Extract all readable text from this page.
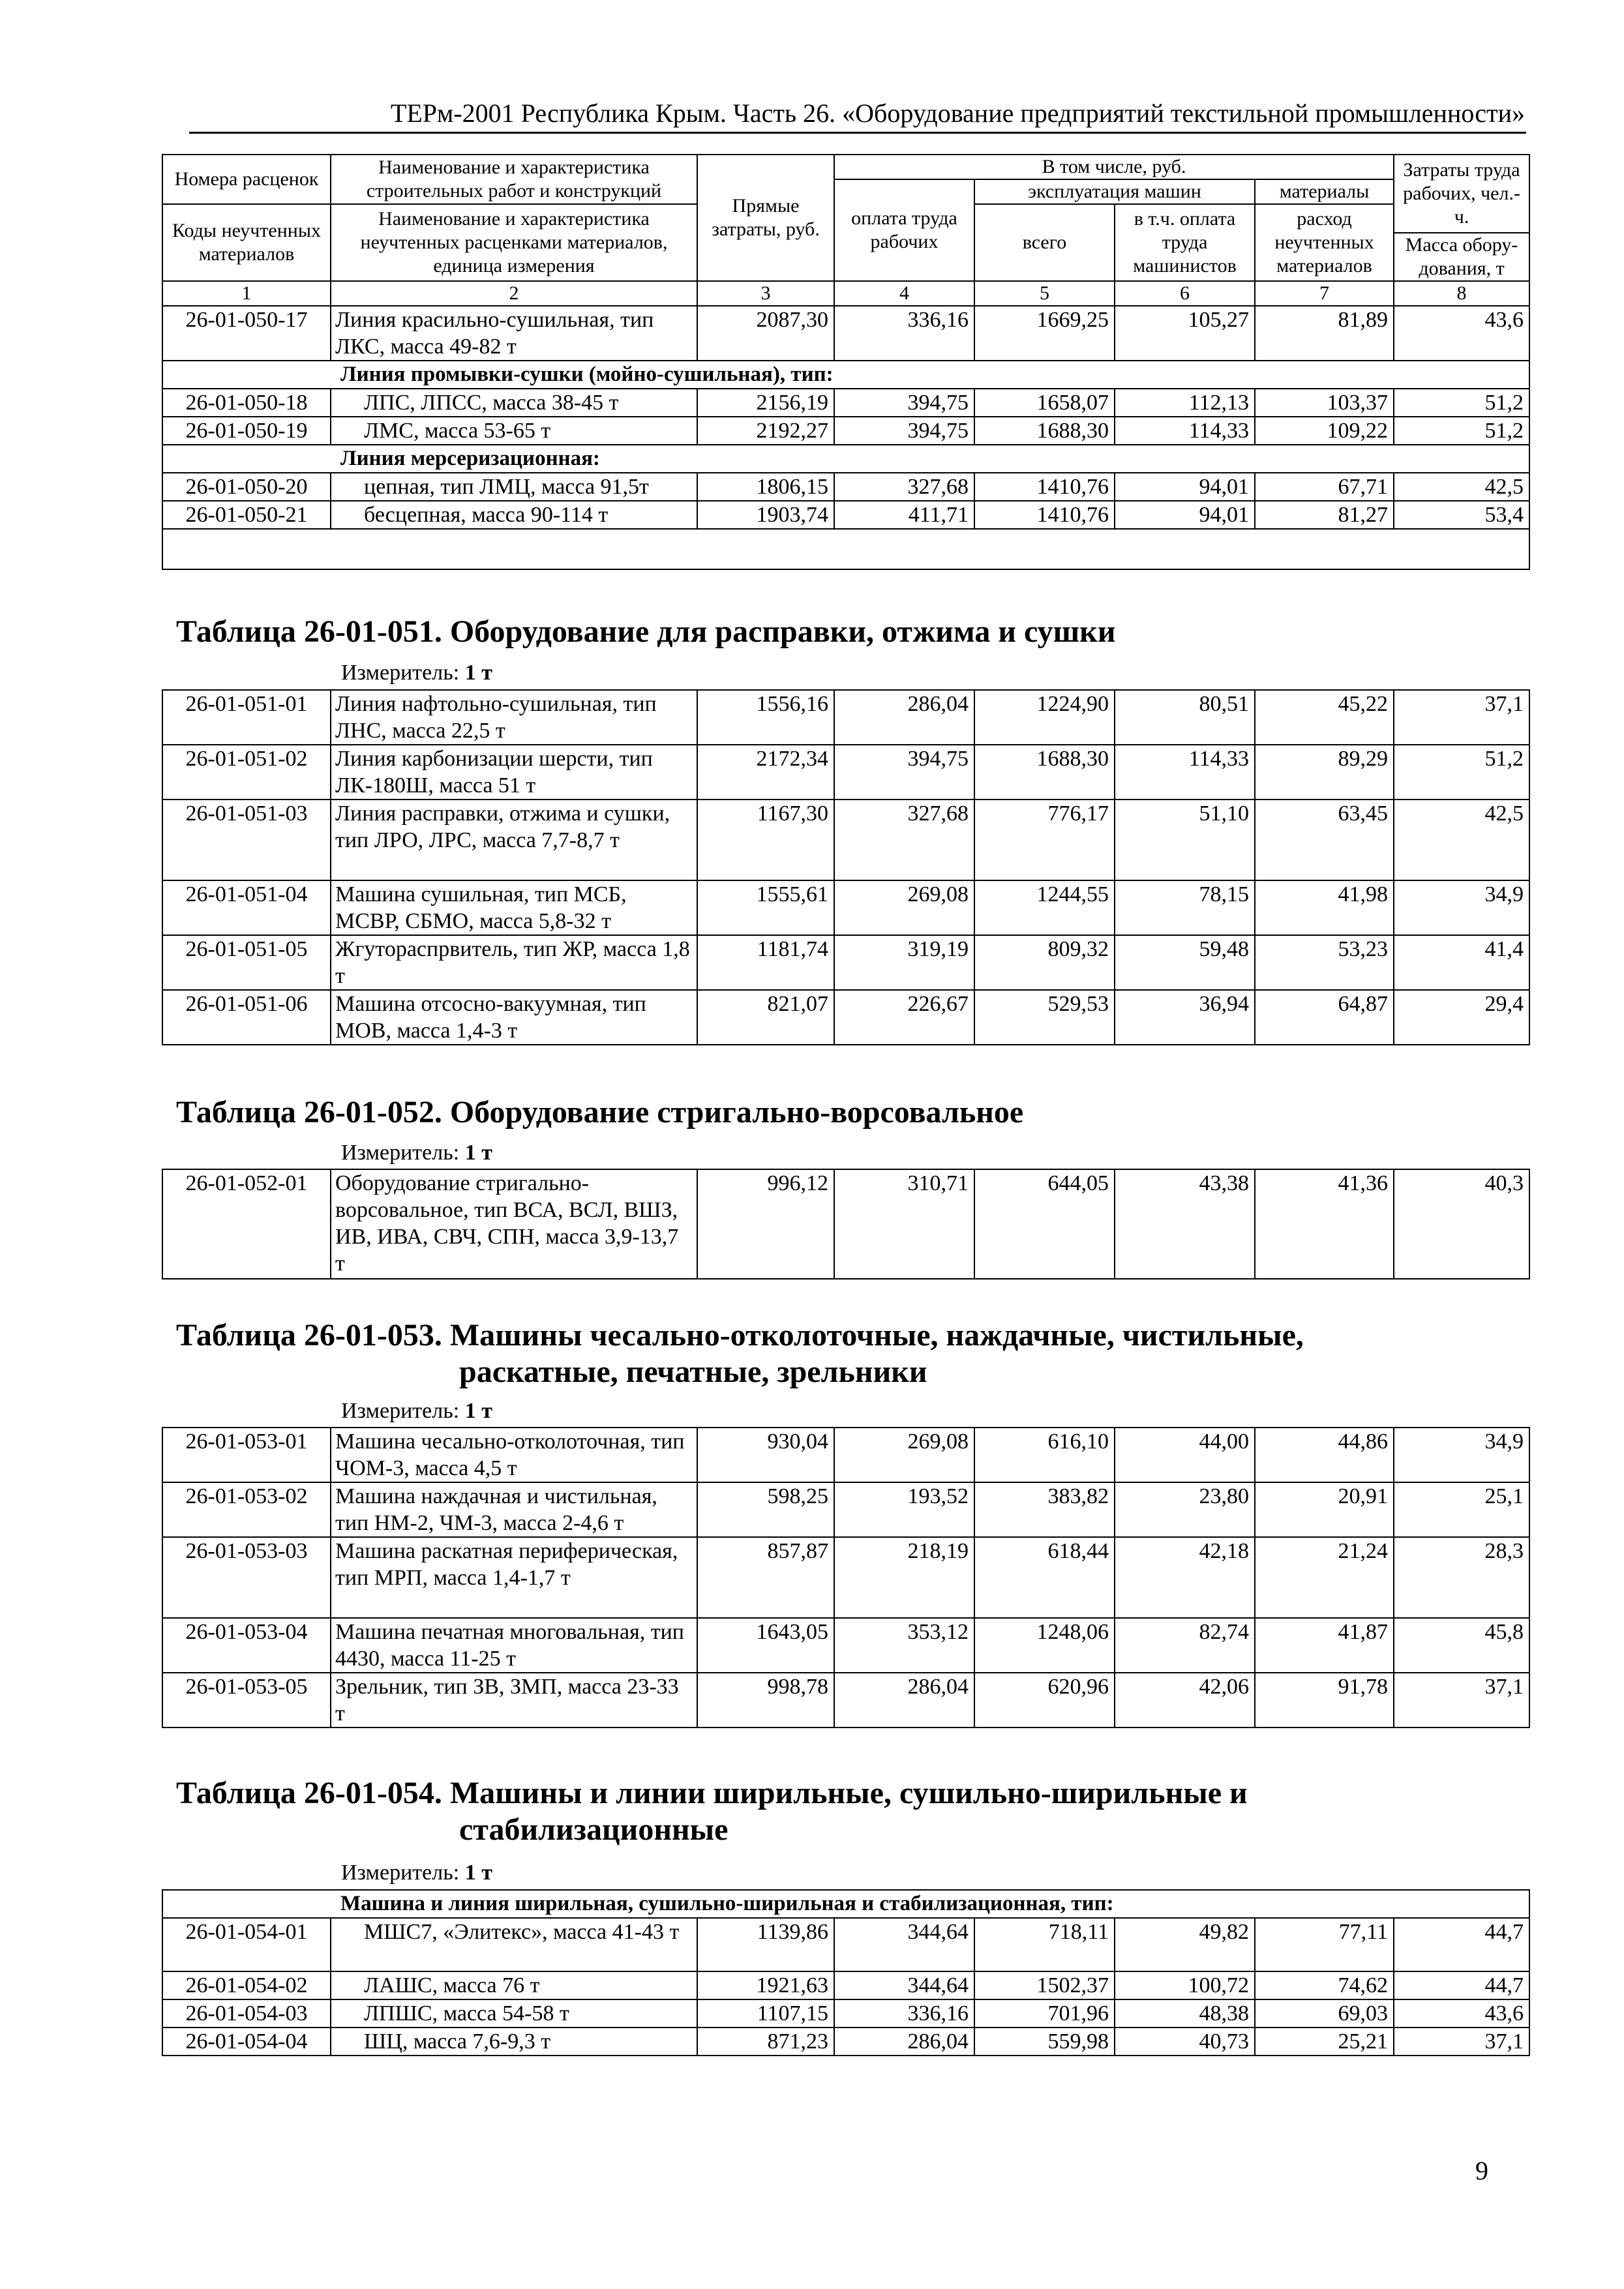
ТЕРм-2001 Республика Крым. Часть 26. «Оборудование предприятий текстильной промышленности»
Номера расценок	Наименование и характеристика строительных работ и конструкций	Прямые затраты, руб.	В том числе, руб.				Затраты труда рабочих, чел.-ч.
			оплата труда рабочих	эксплуатация машин		материалы	
Коды неучтенных материалов	Наименование и характеристика неучтенных расценками материалов, единица измерения			всего	в т.ч. оплата труда машинистов	расход неучтенных материалов	
							Масса обору-дования, т
1	2	3	4	5	6	7	8
26-01-050-17	Линия красильно-сушильная, тип ЛКС, масса 49-82 т	2087,30	336,16	1669,25	105,27	81,89	43,6
Линия промывки-сушки (мойно-сушильная), тип:							
26-01-050-18	ЛПС, ЛПСС, масса 38-45 т	2156,19	394,75	1658,07	112,13	103,37	51,2
26-01-050-19	ЛМС, масса 53-65 т	2192,27	394,75	1688,30	114,33	109,22	51,2
Линия мерсеризационная:							
26-01-050-20	цепная, тип ЛМЦ, масса 91,5т	1806,15	327,68	1410,76	94,01	67,71	42,5
26-01-050-21	бесцепная, масса 90-114 т	1903,74	411,71	1410,76	94,01	81,27	53,4

Таблица 26-01-051. Оборудование для расправки, отжима и сушки
Измеритель: 1 т
26-01-051-01	Линия нафтольно-сушильная, тип ЛНС, масса 22,5 т	1556,16	286,04	1224,90	80,51	45,22	37,1
26-01-051-02	Линия карбонизации шерсти, тип ЛК-180Ш, масса 51 т	2172,34	394,75	1688,30	114,33	89,29	51,2
26-01-051-03	Линия расправки, отжима и сушки, тип ЛРО, ЛРС, масса 7,7-8,7 т	1167,30	327,68	776,17	51,10	63,45	42,5
26-01-051-04	Машина сушильная, тип МСБ, МСВР, СБМО, масса 5,8-32 т	1555,61	269,08	1244,55	78,15	41,98	34,9
26-01-051-05	Жгутораспрвитель, тип ЖР, масса 1,8 т	1181,74	319,19	809,32	59,48	53,23	41,4
26-01-051-06	Машина отсосно-вакуумная, тип МОВ, масса 1,4-3 т	821,07	226,67	529,53	36,94	64,87	29,4
Таблица 26-01-052. Оборудование стригально-ворсовальное
Измеритель: 1 т
26-01-052-01	Оборудование стригально-ворсовальное, тип ВСА, ВСЛ, ВШЗ, ИВ, ИВА, СВЧ, СПН, масса 3,9-13,7 т	996,12	310,71	644,05	43,38	41,36	40,3
Таблица 26-01-053. Машины чесально-отколоточные, наждачные, чистильные,
раскатные, печатные, зрельники
Измеритель: 1 т
26-01-053-01	Машина чесально-отколоточная, тип ЧОМ-3, масса 4,5 т	930,04	269,08	616,10	44,00	44,86	34,9
26-01-053-02	Машина наждачная и чистильная, тип НМ-2, ЧМ-3, масса 2-4,6 т	598,25	193,52	383,82	23,80	20,91	25,1
26-01-053-03	Машина раскатная периферическая, тип МРП, масса 1,4-1,7 т	857,87	218,19	618,44	42,18	21,24	28,3
26-01-053-04	Машина печатная многовальная, тип 4430, масса 11-25 т	1643,05	353,12	1248,06	82,74	41,87	45,8
26-01-053-05	Зрельник, тип ЗВ, ЗМП, масса 23-33 т	998,78	286,04	620,96	42,06	91,78	37,1
Таблица 26-01-054. Машины и линии ширильные, сушильно-ширильные и
стабилизационные
Измеритель: 1 т
Машина и линия ширильная, сушильно-ширильная и стабилизационная, тип:							
26-01-054-01	МШС7, «Элитекс», масса 41-43 т	1139,86	344,64	718,11	49,82	77,11	44,7
26-01-054-02	ЛАШС, масса 76 т	1921,63	344,64	1502,37	100,72	74,62	44,7
26-01-054-03	ЛПШС, масса 54-58 т	1107,15	336,16	701,96	48,38	69,03	43,6
26-01-054-04	ШЦ, масса 7,6-9,3 т	871,23	286,04	559,98	40,73	25,21	37,1
9
